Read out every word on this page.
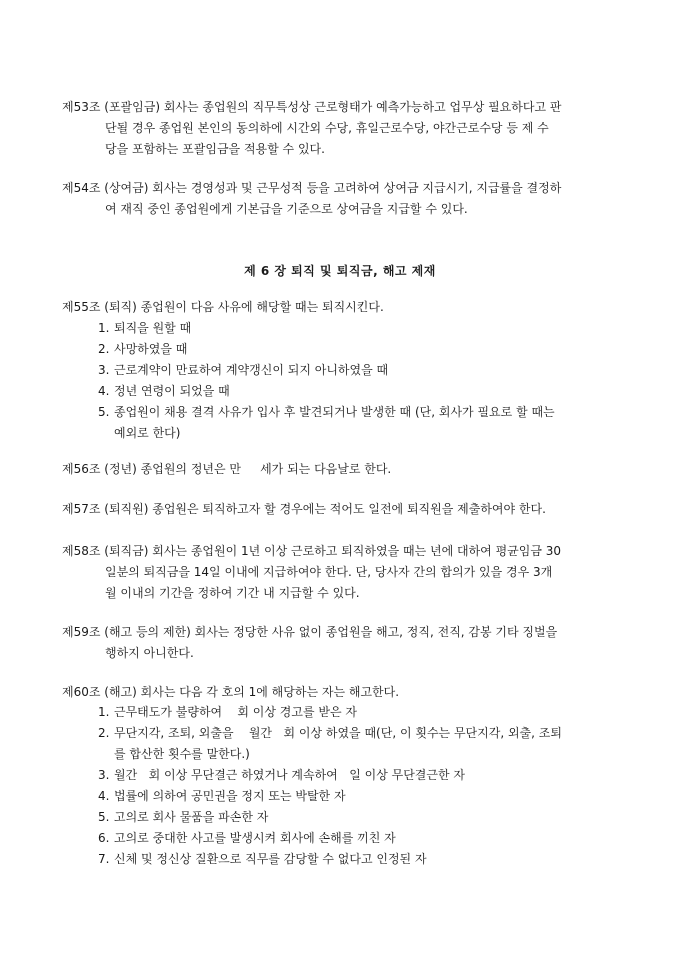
제53조 (포괄임금) 회사는 종업원의 직무특성상 근로형태가 예측가능하고 업무상 필요하다고 판
단될 경우 종업원 본인의 동의하에 시간외 수당, 휴일근로수당, 야간근로수당 등 제 수
당을 포함하는 포괄임금을 적용할 수 있다.
제54조 (상여금) 회사는 경영성과 및 근무성적 등을 고려하여 상여금 지급시기, 지급률을 결정하
여 재직 중인 종업원에게 기본급을 기준으로 상여금을 지급할 수 있다.
제 6 장 퇴직 및 퇴직금, 해고 제재
제55조 (퇴직) 종업원이 다음 사유에 해당할 때는 퇴직시킨다.
1. 퇴직을 원할 때
2. 사망하였을 때
3. 근로계약이 만료하여 계약갱신이 되지 아니하였을 때
4. 정년 연령이 되었을 때
5. 종업원이 채용 결격 사유가 입사 후 발견되거나 발생한 때 (단, 회사가 필요로 할 때는
예외로 한다)
제56조 (정년) 종업원의 정년은 만     세가 되는 다음날로 한다.
제57조 (퇴직원) 종업원은 퇴직하고자 할 경우에는 적어도 일전에 퇴직원을 제출하여야 한다.
제58조 (퇴직금) 회사는 종업원이 1년 이상 근로하고 퇴직하였을 때는 년에 대하여 평균임금 30
일분의 퇴직금을 14일 이내에 지급하여야 한다. 단, 당사자 간의 합의가 있을 경우 3개
월 이내의 기간을 정하여 기간 내 지급할 수 있다.
제59조 (해고 등의 제한) 회사는 정당한 사유 없이 종업원을 해고, 정직, 전직, 감봉 기타 징벌을
행하지 아니한다.
제60조 (해고) 회사는 다음 각 호의 1에 해당하는 자는 해고한다.
1. 근무태도가 불량하여    회 이상 경고를 받은 자
2. 무단지각, 조퇴, 외출을    월간   회 이상 하였을 때(단, 이 횟수는 무단지각, 외출, 조퇴
를 합산한 횟수를 말한다.)
3. 월간   회 이상 무단결근 하였거나 계속하여   일 이상 무단결근한 자
4. 법률에 의하여 공민권을 정지 또는 박탈한 자
5. 고의로 회사 물품을 파손한 자
6. 고의로 중대한 사고를 발생시켜 회사에 손해를 끼친 자
7. 신체 및 정신상 질환으로 직무를 감당할 수 없다고 인정된 자
